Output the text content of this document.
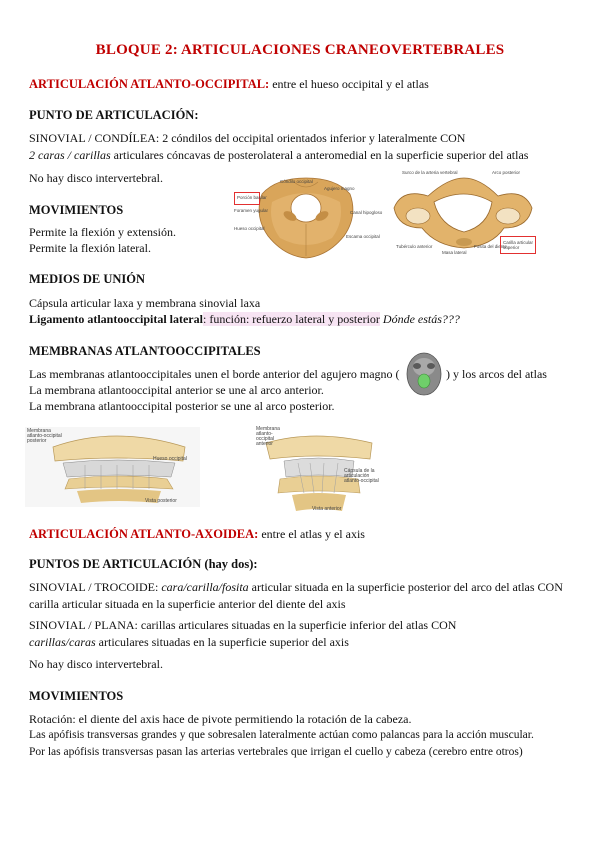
BLOQUE 2: ARTICULACIONES CRANEOVERTEBRALES
ARTICULACIÓN ATLANTO-OCCIPITAL: entre el hueso occipital y el atlas
PUNTO DE ARTICULACIÓN:
SINOVIAL / CONDÍLEA: 2 cóndilos del occipital orientados inferior y lateralmente CON
2 caras / carillas articulares cóncavas de posterolateral a anteromedial en la superficie superior del atlas
No hay disco intervertebral.
MOVIMIENTOS
Permite la flexión y extensión.
Permite la flexión lateral.
Cóndilo occipital
Agujero magno
Foramen yugular	Canal hipogloso
Hueso occipital
Escama occipital
Porción basilar
Surco de la arteria vertebral	Arco posterior
Tubérculo anterior
Masa lateral
Fosita del diente
Carilla articular superior
MEDIOS DE UNIÓN
Cápsula articular laxa y membrana sinovial laxa
Ligamento atlantooccipital lateral: función: refuerzo lateral y posterior Dónde estás???
MEMBRANAS ATLANTOOCCIPITALES
Las membranas atlantooccipitales unen el borde anterior del agujero magno (	) y los arcos del atlas
La membrana atlantooccipital anterior se une al arco anterior.
La membrana atlantooccipital posterior se une al arco posterior.
Membrana atlanto-occipital posterior
Hueso occipital
Vista posterior
Membrana atlanto-occipital anterior
Cápsula de la articulación atlanto-occipital
Vista anterior
ARTICULACIÓN ATLANTO-AXOIDEA: entre el atlas y el axis
PUNTOS DE ARTICULACIÓN (hay dos):
SINOVIAL / TROCOIDE: cara/carilla/fosita articular situada en la superficie posterior del arco del atlas CON
carilla articular situada en la superficie anterior del diente del axis
SINOVIAL / PLANA: carillas articulares situadas en la superficie inferior del atlas CON
carillas/caras articulares situadas en la superficie superior del axis
No hay disco intervertebral.
MOVIMIENTOS
Rotación: el diente del axis hace de pivote permitiendo la rotación de la cabeza.
Las apófisis transversas grandes y que sobresalen lateralmente actúan como palancas para la acción muscular.
Por las apófisis transversas pasan las arterias vertebrales que irrigan el cuello y cabeza (cerebro entre otros)
